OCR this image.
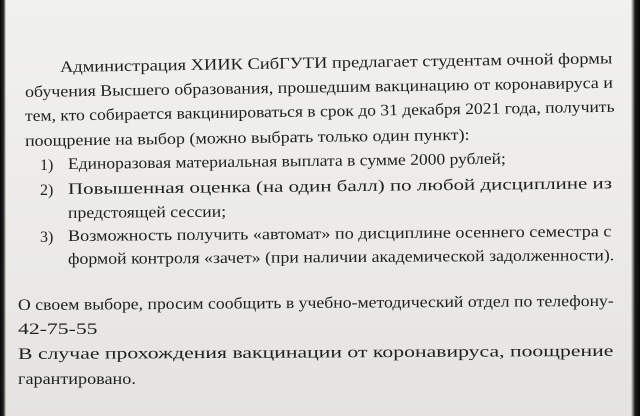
Администрация ХИИК СибГУТИ предлагает студентам очной формы
обучения Высшего образования, прошедшим вакцинацию от коронавируса и
тем, кто собирается вакцинироваться в срок до 31 декабря 2021 года, получить
поощрение на выбор (можно выбрать только один пункт):
1) Единоразовая материальная выплата в сумме 2000 рублей;
2) Повышенная оценка (на один балл) по любой дисциплине из
предстоящей сессии;
3) Возможность получить «автомат» по дисциплине осеннего семестра с
формой контроля «зачет» (при наличии академической задолженности).
О своем выборе, просим сообщить в учебно-методический отдел по телефону-
42-75-55
В случае прохождения вакцинации от коронавируса, поощрение
гарантировано.
